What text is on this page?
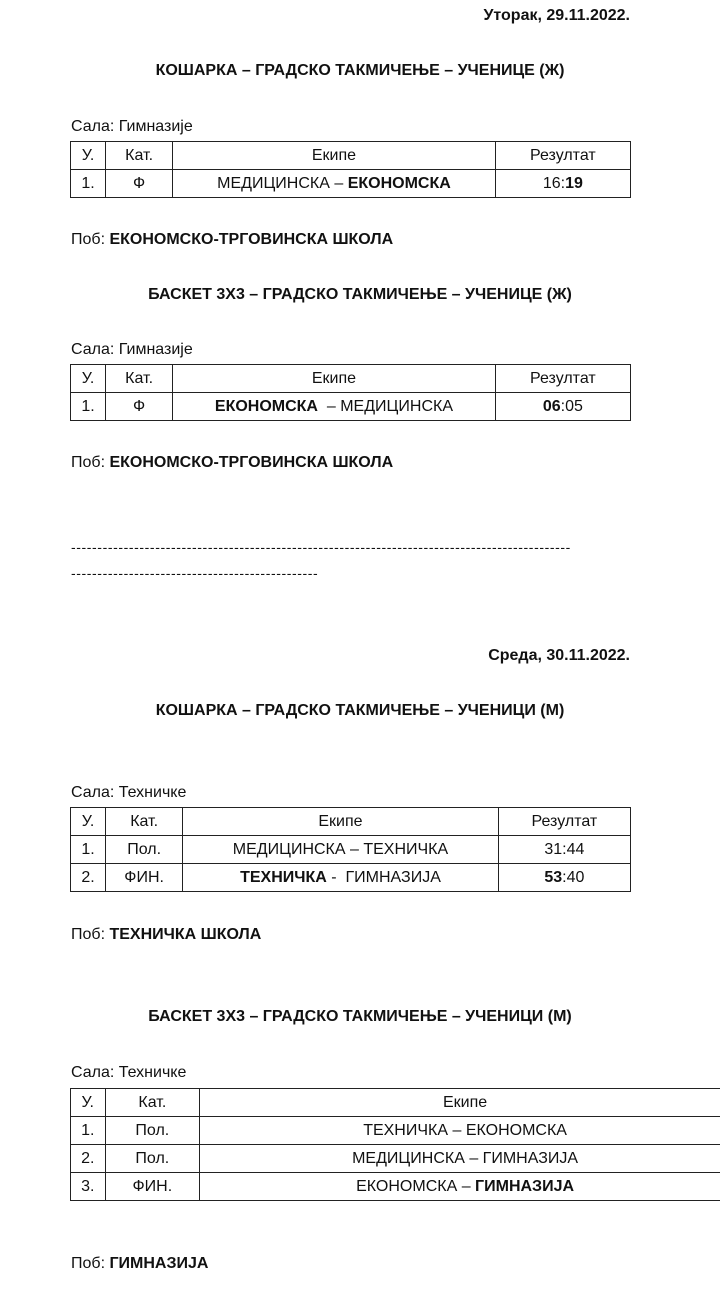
Уторак, 29.11.2022.
КОШАРКА – ГРАДСКО ТАКМИЧЕЊЕ – УЧЕНИЦЕ (Ж)
Сала: Гимназије
У.	Кат.	Екипе	Резултат
1.	Ф	МЕДИЦИНСКА – ЕКОНОМСКА	16:19
Поб: ЕКОНОМСКО-ТРГОВИНСКА ШКОЛА
БАСКЕТ 3Х3 – ГРАДСКО ТАКМИЧЕЊЕ – УЧЕНИЦЕ (Ж)
Сала: Гимназије
У.	Кат.	Екипе	Резултат
1.	Ф	ЕКОНОМСКА  – МЕДИЦИНСКА	06:05
Поб: ЕКОНОМСКО-ТРГОВИНСКА ШКОЛА
-----------------------------------------------------------------------------------------------
-----------------------------------------------
Среда, 30.11.2022.
КОШАРКА – ГРАДСКО ТАКМИЧЕЊЕ – УЧЕНИЦИ (М)
Сала: Техничке
У.	Кат.	Екипе	Резултат
1.	Пол.	МЕДИЦИНСКА – ТЕХНИЧКА	31:44
2.	ФИН.	ТЕХНИЧКА -  ГИМНАЗИЈА	53:40
Поб: ТЕХНИЧКА ШКОЛА
БАСКЕТ 3Х3 – ГРАДСКО ТАКМИЧЕЊЕ – УЧЕНИЦИ (М)
Сала: Техничке
У.	Кат.	Екипе
1.	Пол.	ТЕХНИЧКА – ЕКОНОМСКА
2.	Пол.	МЕДИЦИНСКА – ГИМНАЗИЈА
3.	ФИН.	ЕКОНОМСКА – ГИМНАЗИЈА
Поб: ГИМНАЗИЈА
